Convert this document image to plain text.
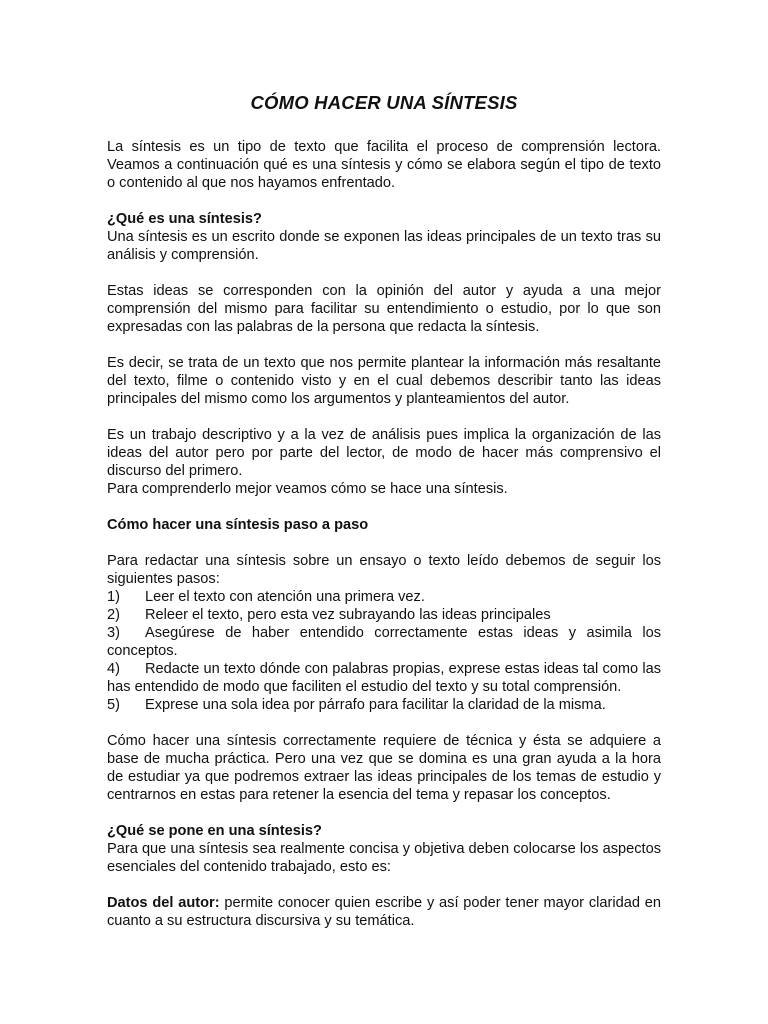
CÓMO HACER UNA SÍNTESIS

La síntesis es un tipo de texto que facilita el proceso de comprensión lectora. Veamos a continuación qué es una síntesis y cómo se elabora según el tipo de texto o contenido al que nos hayamos enfrentado.

¿Qué es una síntesis?

Una síntesis es un escrito donde se exponen las ideas principales de un texto tras su análisis y comprensión.

Estas ideas se corresponden con la opinión del autor y ayuda a una mejor comprensión del mismo para facilitar su entendimiento o estudio, por lo que son expresadas con las palabras de la persona que redacta la síntesis.

Es decir, se trata de un texto que nos permite plantear la información más resaltante del texto, filme o contenido visto y en el cual debemos describir tanto las ideas principales del mismo como los argumentos y planteamientos del autor.

Es un trabajo descriptivo y a la vez de análisis pues implica la organización de las ideas del autor pero por parte del lector, de modo de hacer más comprensivo el discurso del primero.

Para comprenderlo mejor veamos cómo se hace una síntesis.

Cómo hacer una síntesis paso a paso

Para redactar una síntesis sobre un ensayo o texto leído debemos de seguir los siguientes pasos:

1)	Leer el texto con atención una primera vez.
2)	Releer el texto, pero esta vez subrayando las ideas principales
3) Asegúrese de haber entendido correctamente estas ideas y asimila los conceptos.
4) Redacte un texto dónde con palabras propias, exprese estas ideas tal como las has entendido de modo que faciliten el estudio del texto y su total comprensión.
5)	Exprese una sola idea por párrafo para facilitar la claridad de la misma.

Cómo hacer una síntesis correctamente requiere de técnica y ésta se adquiere a base de mucha práctica. Pero una vez que se domina es una gran ayuda a la hora de estudiar ya que podremos extraer las ideas principales de los temas de estudio y centrarnos en estas para retener la esencia del tema y repasar los conceptos.

¿Qué se pone en una síntesis?

Para que una síntesis sea realmente concisa y objetiva deben colocarse los aspectos esenciales del contenido trabajado, esto es:

Datos del autor: permite conocer quien escribe y así poder tener mayor claridad en cuanto a su estructura discursiva y su temática.
